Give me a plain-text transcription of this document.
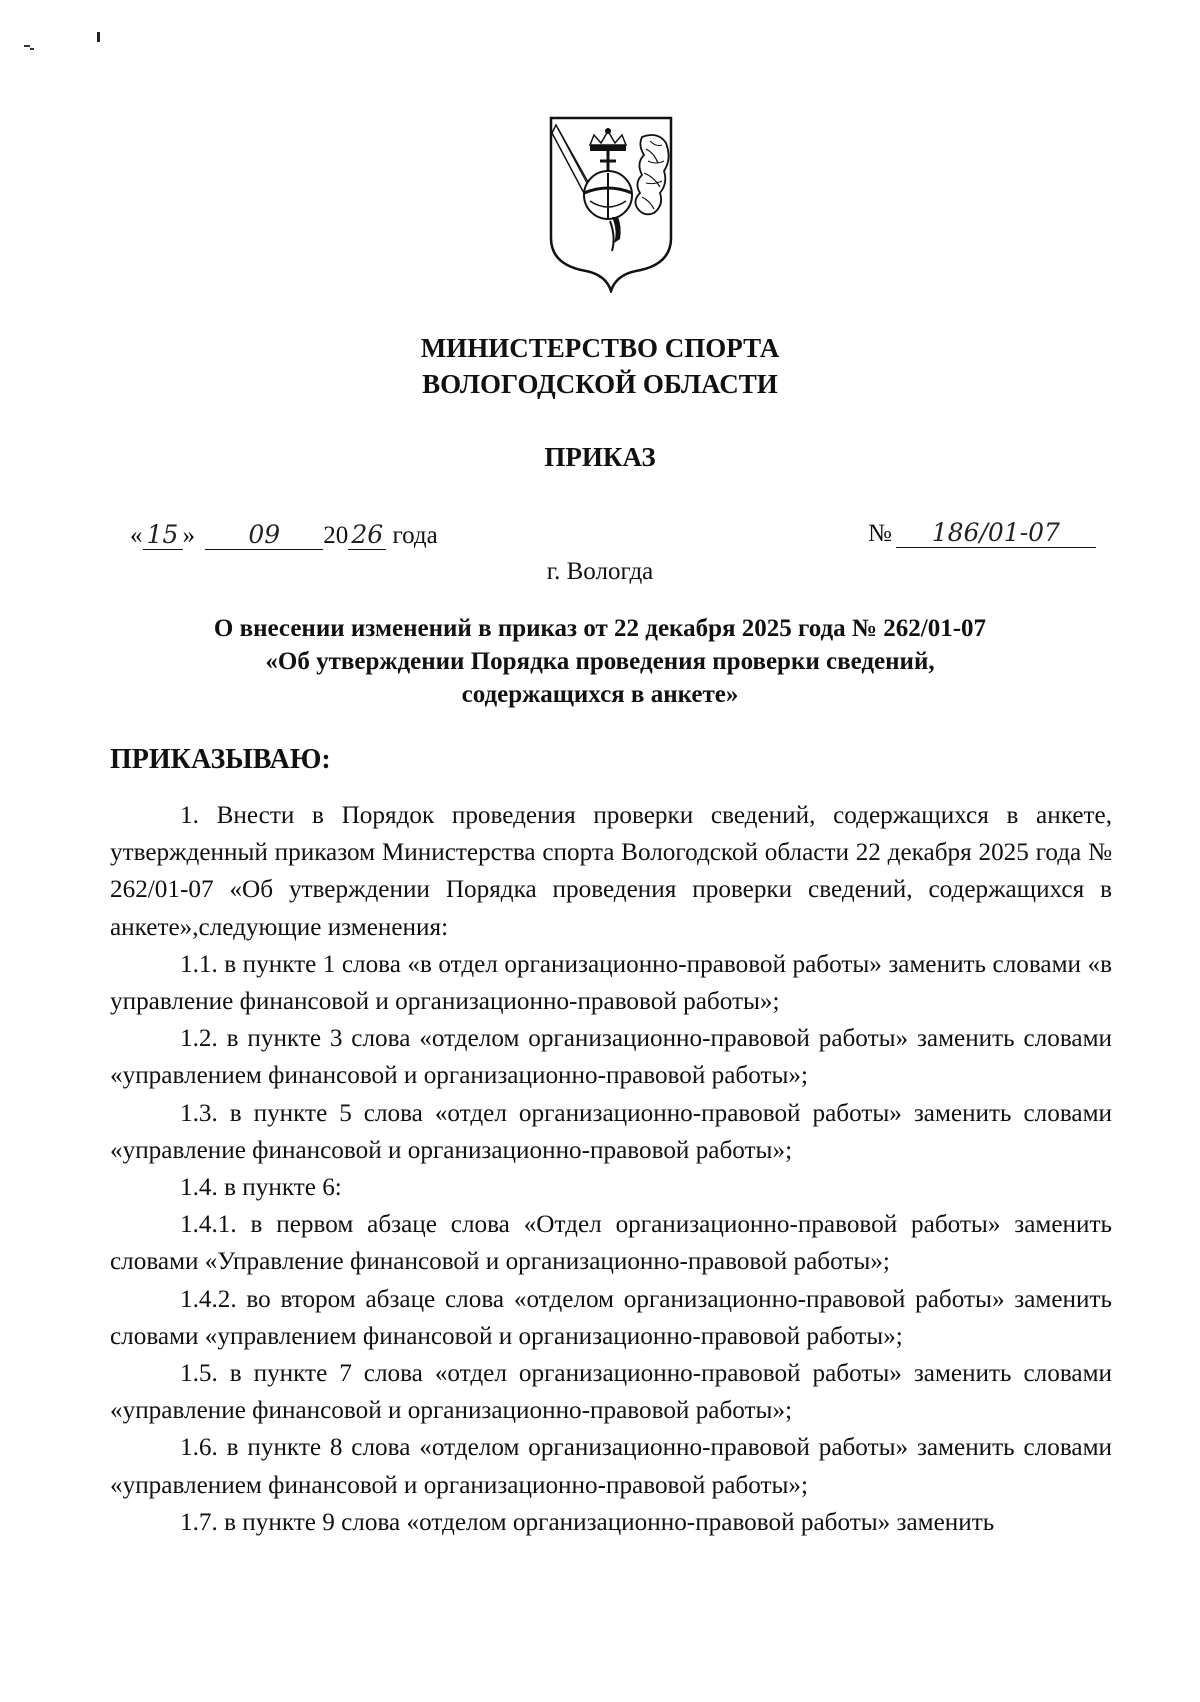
МИНИСТЕРСТВО СПОРТА
ВОЛОГОДСКОЙ ОБЛАСТИ
ПРИКАЗ
« 15 » 09 20 26 года	№ 186/01-07
г. Вологда
О внесении изменений в приказ от 22 декабря 2025 года № 262/01-07
«Об утверждении Порядка проведения проверки сведений,
содержащихся в анкете»
ПРИКАЗЫВАЮ:

1. Внести в Порядок проведения проверки сведений, содержащихся в анкете, утвержденный приказом Министерства спорта Вологодской области 22 декабря 2025 года № 262/01-07 «Об утверждении Порядка проведения проверки сведений, содержащихся в анкете»,следующие изменения:

1.1. в пункте 1 слова «в отдел организационно-правовой работы» заменить словами «в управление финансовой и организационно-правовой работы»;

1.2. в пункте 3 слова «отделом организационно-правовой работы» заменить словами «управлением финансовой и организационно-правовой работы»;

1.3. в пункте 5 слова «отдел организационно-правовой работы» заменить словами «управление финансовой и организационно-правовой работы»;

1.4. в пункте 6:

1.4.1. в первом абзаце слова «Отдел организационно-правовой работы» заменить словами «Управление финансовой и организационно-правовой работы»;

1.4.2. во втором абзаце слова «отделом организационно-правовой работы» заменить словами «управлением финансовой и организационно-правовой работы»;

1.5. в пункте 7 слова «отдел организационно-правовой работы» заменить словами «управление финансовой и организационно-правовой работы»;

1.6. в пункте 8 слова «отделом организационно-правовой работы» заменить словами «управлением финансовой и организационно-правовой работы»;

1.7. в пункте 9 слова «отделом организационно-правовой работы» заменить
